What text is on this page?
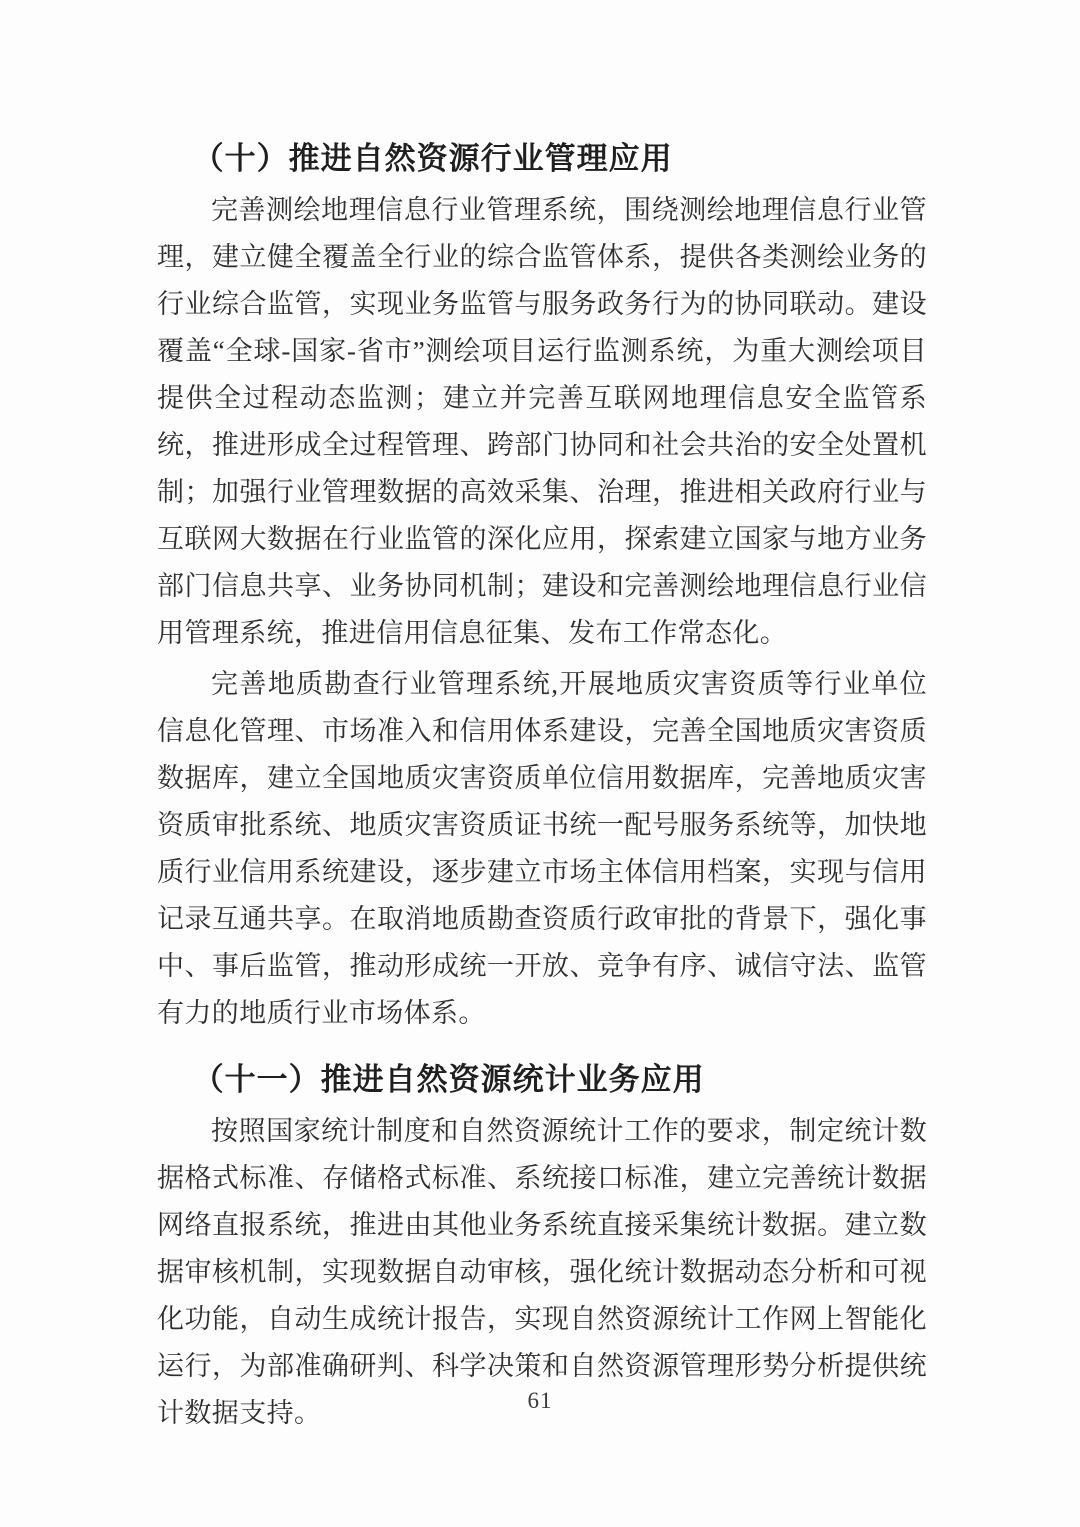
（十）推进自然资源行业管理应用

完善测绘地理信息行业管理系统，围绕测绘地理信息行业管理，建立健全覆盖全行业的综合监管体系，提供各类测绘业务的行业综合监管，实现业务监管与服务政务行为的协同联动。建设覆盖“全球-国家-省市”测绘项目运行监测系统，为重大测绘项目提供全过程动态监测；建立并完善互联网地理信息安全监管系统，推进形成全过程管理、跨部门协同和社会共治的安全处置机制；加强行业管理数据的高效采集、治理，推进相关政府行业与互联网大数据在行业监管的深化应用，探索建立国家与地方业务部门信息共享、业务协同机制；建设和完善测绘地理信息行业信用管理系统，推进信用信息征集、发布工作常态化。

完善地质勘查行业管理系统,开展地质灾害资质等行业单位信息化管理、市场准入和信用体系建设，完善全国地质灾害资质数据库，建立全国地质灾害资质单位信用数据库，完善地质灾害资质审批系统、地质灾害资质证书统一配号服务系统等，加快地质行业信用系统建设，逐步建立市场主体信用档案，实现与信用记录互通共享。在取消地质勘查资质行政审批的背景下，强化事中、事后监管，推动形成统一开放、竞争有序、诚信守法、监管有力的地质行业市场体系。

（十一）推进自然资源统计业务应用

按照国家统计制度和自然资源统计工作的要求，制定统计数据格式标准、存储格式标准、系统接口标准，建立完善统计数据网络直报系统，推进由其他业务系统直接采集统计数据。建立数据审核机制，实现数据自动审核，强化统计数据动态分析和可视化功能，自动生成统计报告，实现自然资源统计工作网上智能化运行，为部准确研判、科学决策和自然资源管理形势分析提供统计数据支持。	61
